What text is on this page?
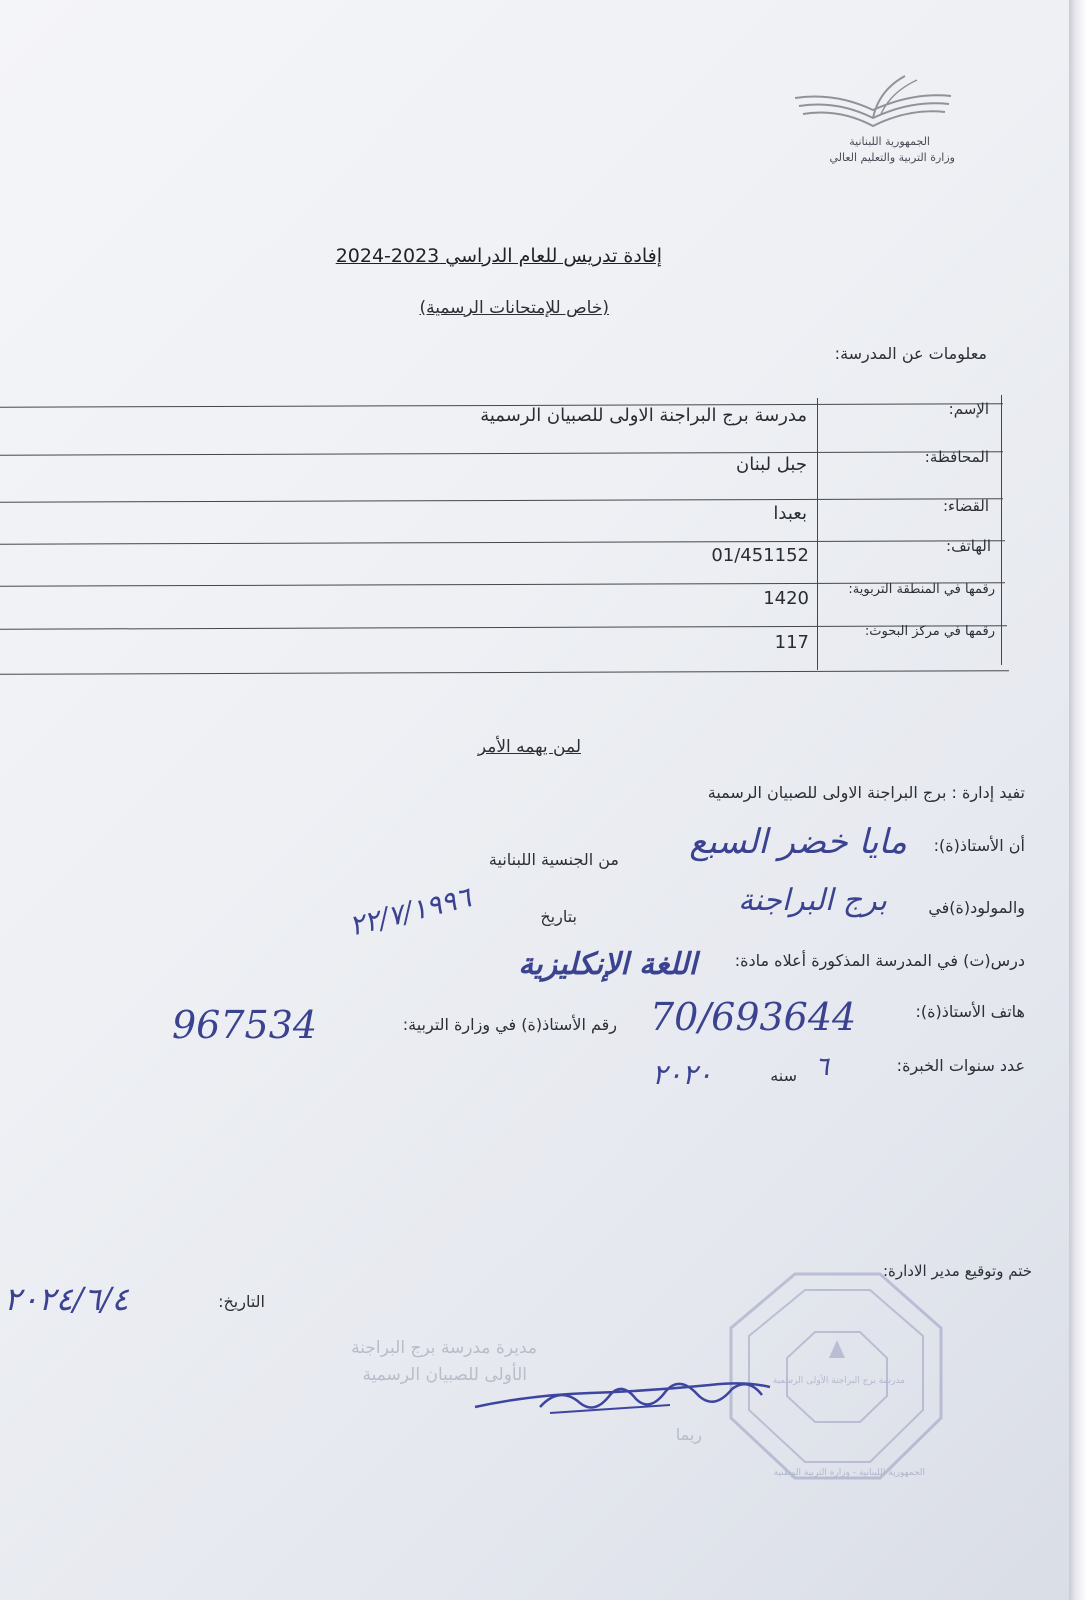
الجمهورية اللبنانية
وزارة التربية والتعليم العالي
إفادة تدريس للعام الدراسي 2023-2024
(خاص للإمتحانات الرسمية)
معلومات عن المدرسة:
الإسم:
مدرسة برج البراجنة الاولى للصبيان الرسمية
المحافظة:
جبل لبنان
القضاء:
بعبدا
الهاتف:
01/451152
رقمها في المنطقة التربوية:
1420
رقمها في مركز البحوث:
117
لمن يهمه الأمر
تفيد إدارة : برج البراجنة الاولى للصبيان الرسمية
أن الأستاذ(ة):
مايا خضر السبع
من الجنسية اللبنانية
والمولود(ة)في
برج البراجنة
بتاريخ
٢٢/٧/١٩٩٦
درس(ت) في المدرسة المذكورة أعلاه مادة:
اللغة الإنكليزية
هاتف الأستاذ(ة):
70/693644
رقم الأستاذ(ة) في وزارة التربية:
967534
عدد سنوات الخبرة:
٦
سنه
٢٠٢٠
ختم وتوقيع مدير الادارة:
التاريخ:
٢٠٢٤/٦/٤
مدرسة برج البراجنة الأولى الرسمية
الجمهورية اللبنانية - وزارة التربية الوطنية
مديرة مدرسة برج البراجنة
الأولى للصبيان الرسمية
ريما
